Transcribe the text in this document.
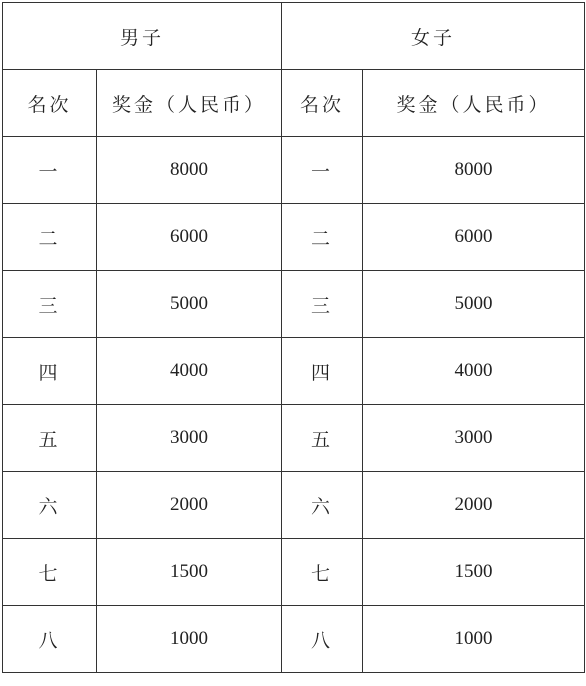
男子		女子	
名次	奖金（人民币）	名次	奖金（人民币）
一	8000	一	8000
二	6000	二	6000
三	5000	三	5000
四	4000	四	4000
五	3000	五	3000
六	2000	六	2000
七	1500	七	1500
八	1000	八	1000
